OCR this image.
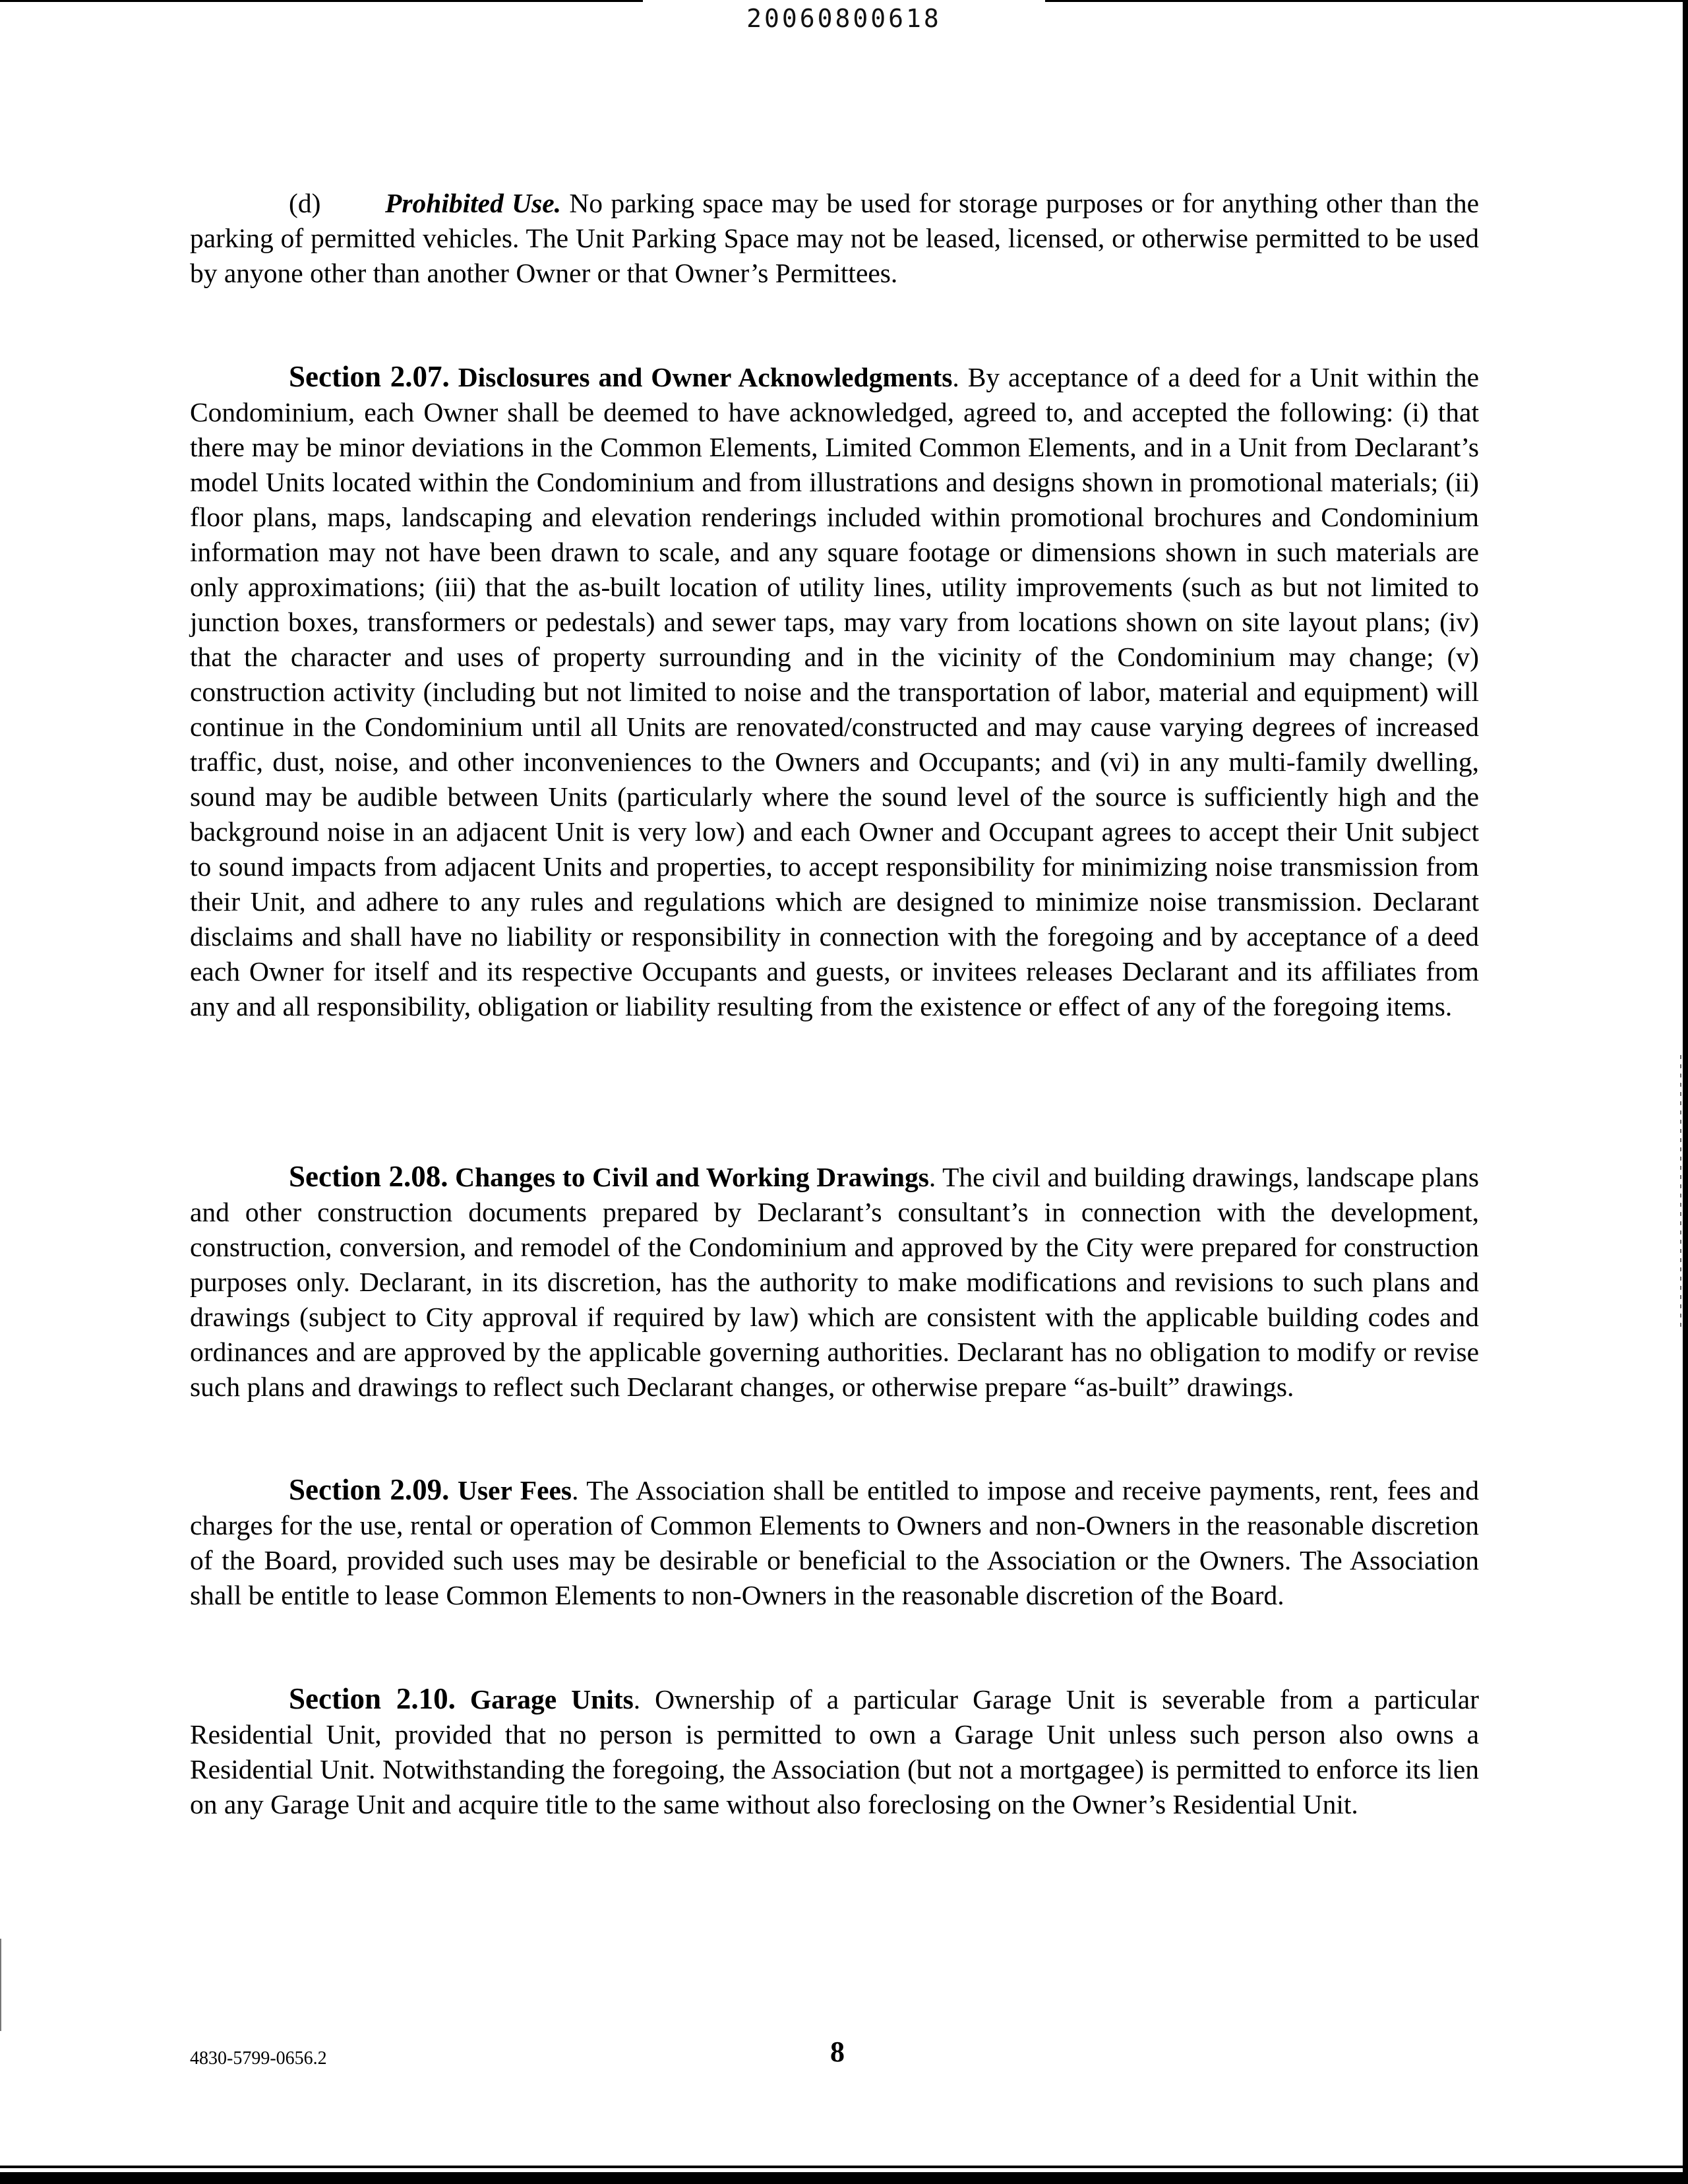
20060800618

(d) Prohibited Use. No parking space may be used for storage purposes or for anything other than the parking of permitted vehicles. The Unit Parking Space may not be leased, licensed, or otherwise permitted to be used by anyone other than another Owner or that Owner’s Permittees.

Section 2.07. Disclosures and Owner Acknowledgments. By acceptance of a deed for a Unit within the Condominium, each Owner shall be deemed to have acknowledged, agreed to, and accepted the following: (i) that there may be minor deviations in the Common Elements, Limited Common Elements, and in a Unit from Declarant’s model Units located within the Condominium and from illustrations and designs shown in promotional materials; (ii) floor plans, maps, landscaping and elevation renderings included within promotional brochures and Condominium information may not have been drawn to scale, and any square footage or dimensions shown in such materials are only approximations; (iii) that the as-built location of utility lines, utility improvements (such as but not limited to junction boxes, transformers or pedestals) and sewer taps, may vary from locations shown on site layout plans; (iv) that the character and uses of property surrounding and in the vicinity of the Condominium may change; (v) construction activity (including but not limited to noise and the transportation of labor, material and equipment) will continue in the Condominium until all Units are renovated/constructed and may cause varying degrees of increased traffic, dust, noise, and other inconveniences to the Owners and Occupants; and (vi) in any multi-family dwelling, sound may be audible between Units (particularly where the sound level of the source is sufficiently high and the background noise in an adjacent Unit is very low) and each Owner and Occupant agrees to accept their Unit subject to sound impacts from adjacent Units and properties, to accept responsibility for minimizing noise transmission from their Unit, and adhere to any rules and regulations which are designed to minimize noise transmission. Declarant disclaims and shall have no liability or responsibility in connection with the foregoing and by acceptance of a deed each Owner for itself and its respective Occupants and guests, or invitees releases Declarant and its affiliates from any and all responsibility, obligation or liability resulting from the existence or effect of any of the foregoing items.

Section 2.08. Changes to Civil and Working Drawings. The civil and building drawings, landscape plans and other construction documents prepared by Declarant’s consultant’s in connection with the development, construction, conversion, and remodel of the Condominium and approved by the City were prepared for construction purposes only. Declarant, in its discretion, has the authority to make modifications and revisions to such plans and drawings (subject to City approval if required by law) which are consistent with the applicable building codes and ordinances and are approved by the applicable governing authorities. Declarant has no obligation to modify or revise such plans and drawings to reflect such Declarant changes, or otherwise prepare “as-built” drawings.

Section 2.09. User Fees. The Association shall be entitled to impose and receive payments, rent, fees and charges for the use, rental or operation of Common Elements to Owners and non-Owners in the reasonable discretion of the Board, provided such uses may be desirable or beneficial to the Association or the Owners. The Association shall be entitle to lease Common Elements to non-Owners in the reasonable discretion of the Board.

Section 2.10. Garage Units. Ownership of a particular Garage Unit is severable from a particular Residential Unit, provided that no person is permitted to own a Garage Unit unless such person also owns a Residential Unit. Notwithstanding the foregoing, the Association (but not a mortgagee) is permitted to enforce its lien on any Garage Unit and acquire title to the same without also foreclosing on the Owner’s Residential Unit.

4830-5799-0656.2	8
